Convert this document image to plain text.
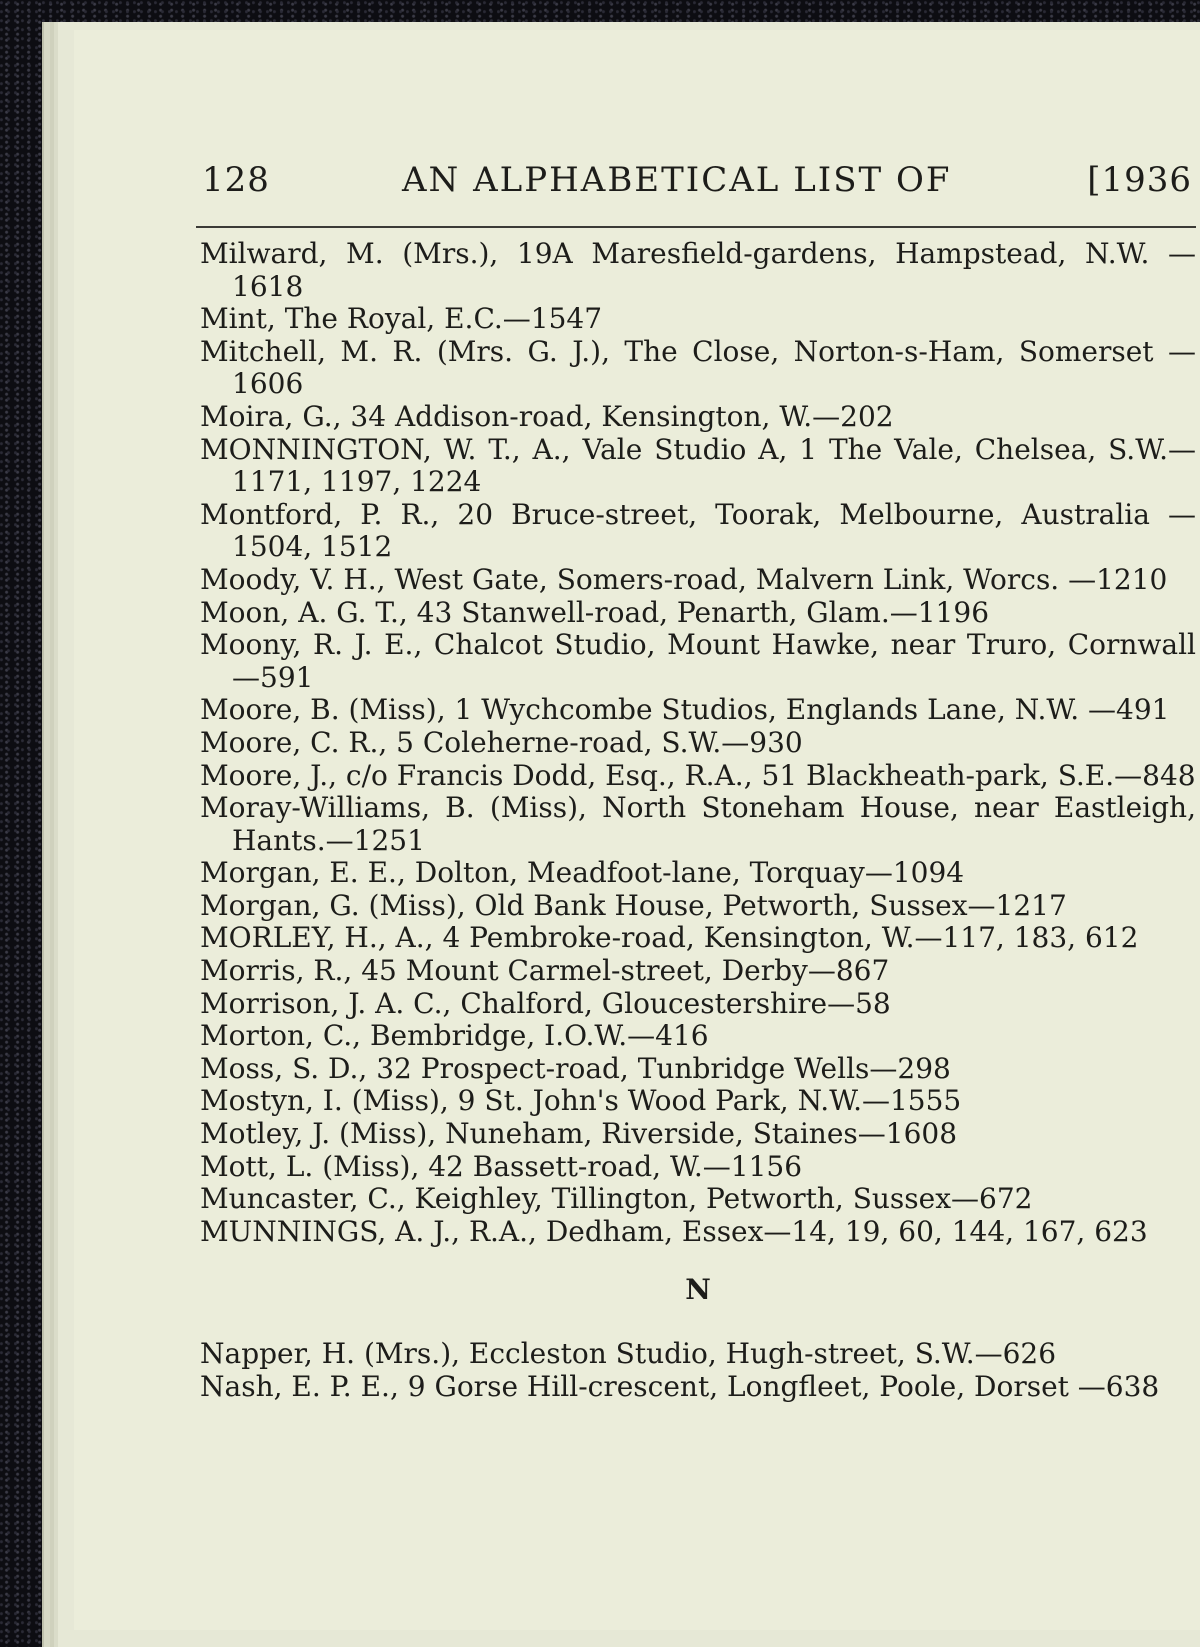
128	AN ALPHABETICAL LIST OF	[1936
Milward, M. (Mrs.), 19A Maresfield-gardens, Hampstead, N.W. —1618
Mint, The Royal, E.C.—1547
Mitchell, M. R. (Mrs. G. J.), The Close, Norton-s-Ham, Somerset —1606
Moira, G., 34 Addison-road, Kensington, W.—202
MONNINGTON, W. T., A., Vale Studio A, 1 The Vale, Chelsea, S.W.—1171, 1197, 1224
Montford, P. R., 20 Bruce-street, Toorak, Melbourne, Australia —1504, 1512
Moody, V. H., West Gate, Somers-road, Malvern Link, Worcs. —1210
Moon, A. G. T., 43 Stanwell-road, Penarth, Glam.—1196
Moony, R. J. E., Chalcot Studio, Mount Hawke, near Truro, Cornwall—591
Moore, B. (Miss), 1 Wychcombe Studios, Englands Lane, N.W. —491
Moore, C. R., 5 Coleherne-road, S.W.—930
Moore, J., c/o Francis Dodd, Esq., R.A., 51 Blackheath-park, S.E.—848
Moray-Williams, B. (Miss), North Stoneham House, near Eastleigh, Hants.—1251
Morgan, E. E., Dolton, Meadfoot-lane, Torquay—1094
Morgan, G. (Miss), Old Bank House, Petworth, Sussex—1217
MORLEY, H., A., 4 Pembroke-road, Kensington, W.—117, 183, 612
Morris, R., 45 Mount Carmel-street, Derby—867
Morrison, J. A. C., Chalford, Gloucestershire—58
Morton, C., Bembridge, I.O.W.—416
Moss, S. D., 32 Prospect-road, Tunbridge Wells—298
Mostyn, I. (Miss), 9 St. John's Wood Park, N.W.—1555
Motley, J. (Miss), Nuneham, Riverside, Staines—1608
Mott, L. (Miss), 42 Bassett-road, W.—1156
Muncaster, C., Keighley, Tillington, Petworth, Sussex—672
MUNNINGS, A. J., R.A., Dedham, Essex—14, 19, 60, 144, 167, 623
N
Napper, H. (Mrs.), Eccleston Studio, Hugh-street, S.W.—626
Nash, E. P. E., 9 Gorse Hill-crescent, Longfleet, Poole, Dorset —638
